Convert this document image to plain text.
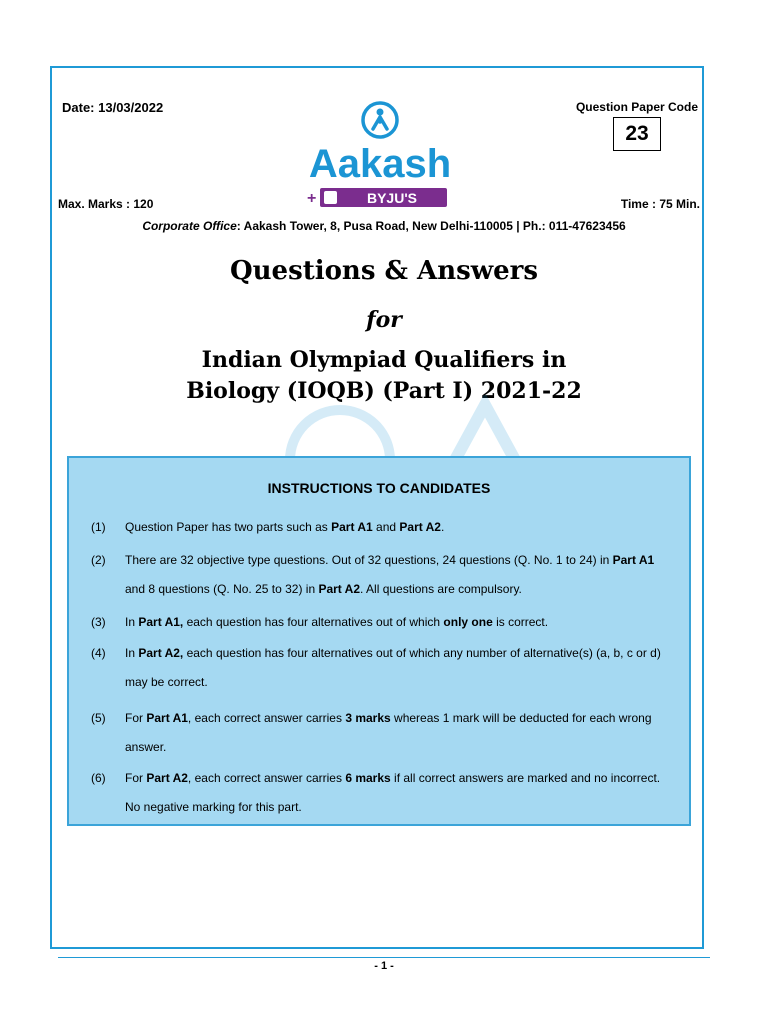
Date: 13/03/2022	Question Paper Code
23
Aakash
+	BYJU'S
Max. Marks : 120	Time : 75 Min.
Corporate Office: Aakash Tower, 8, Pusa Road, New Delhi-110005 | Ph.: 011-47623456
Questions & Answers
for
Indian Olympiad Qualifiers in
Biology (IOQB) (Part I) 2021-22
INSTRUCTIONS TO CANDIDATES
(1) Question Paper has two parts such as Part A1 and Part A2.
(2) There are 32 objective type questions. Out of 32 questions, 24 questions (Q. No. 1 to 24) in Part A1 and 8 questions (Q. No. 25 to 32) in Part A2. All questions are compulsory.
(3) In Part A1, each question has four alternatives out of which only one is correct.
(4) In Part A2, each question has four alternatives out of which any number of alternative(s) (a, b, c or d) may be correct.
(5) For Part A1, each correct answer carries 3 marks whereas 1 mark will be deducted for each wrong answer.
(6) For Part A2, each correct answer carries 6 marks if all correct answers are marked and no incorrect. No negative marking for this part.
- 1 -
